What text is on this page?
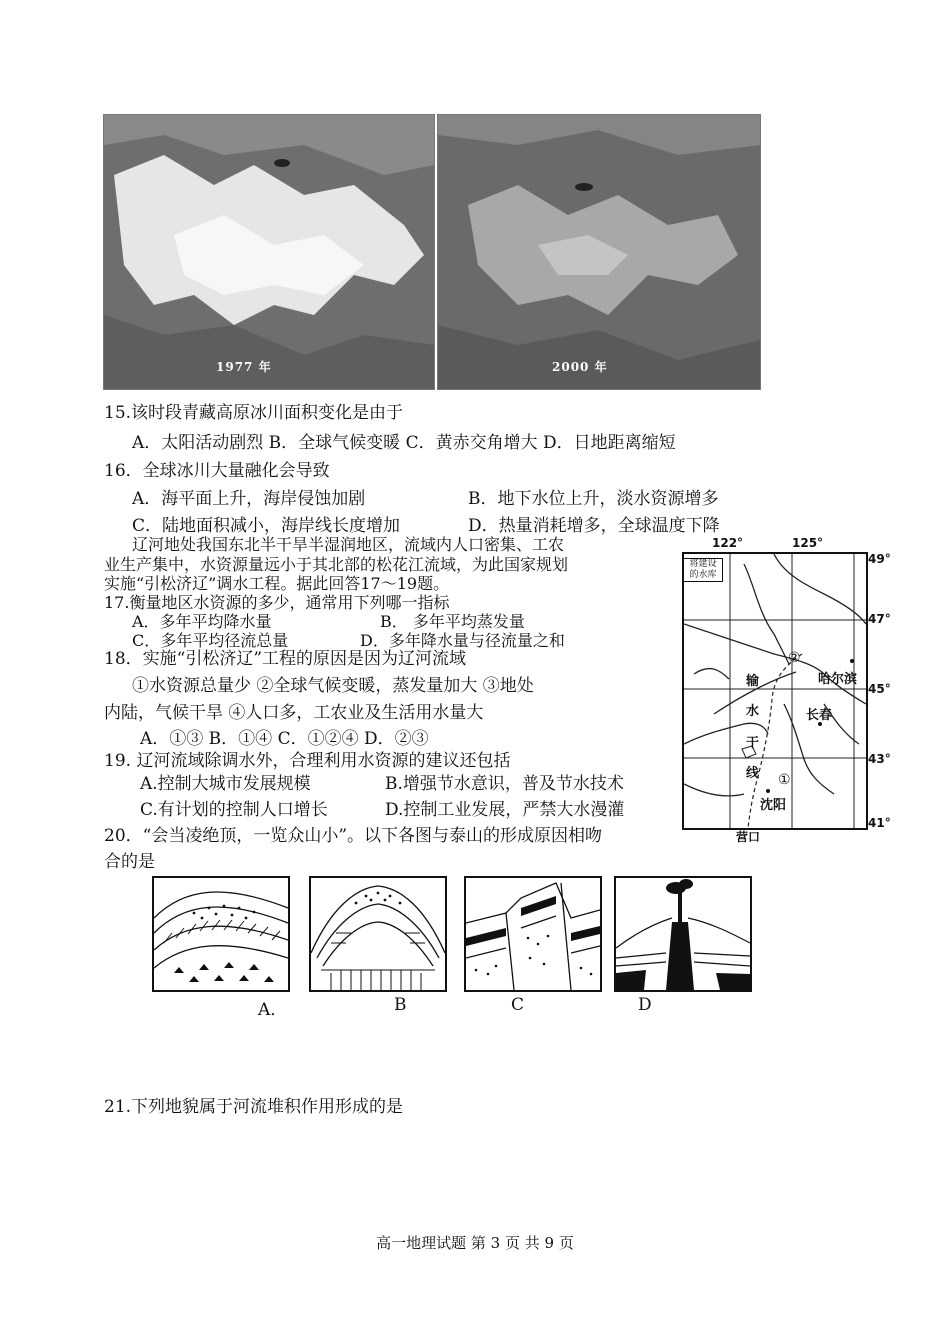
1977 年	2000 年
15.该时段青藏高原冰川面积变化是由于
A．太阳活动剧烈 B．全球气候变暖 C．黄赤交角增大 D．日地距离缩短
16．全球冰川大量融化会导致
A．海平面上升，海岸侵蚀加剧	B．地下水位上升，淡水资源增多
C．陆地面积减小，海岸线长度增加	D．热量消耗增多，全球温度下降
辽河地处我国东北半干旱半湿润地区，流域内人口密集、工农
业生产集中，水资源量远小于其北部的松花江流域，为此国家规划
实施“引松济辽”调水工程。据此回答17～19题。
17.衡量地区水资源的多少，通常用下列哪一指标
A．多年平均降水量	B． 多年平均蒸发量
C．多年平均径流总量	D．多年降水量与径流量之和
18．实施“引松济辽”工程的原因是因为辽河流域
①水资源总量少 ②全球气候变暖，蒸发量加大 ③地处
内陆，气候干旱 ④人口多，工农业及生活用水量大
A．①③ B．①④ C．①②④ D．②③
19. 辽河流域除调水外，合理利用水资源的建议还包括
A.控制大城市发展规模	B.增强节水意识，普及节水技术
C.有计划的控制人口增长	D.控制工业发展，严禁大水漫灌
20．“会当凌绝顶，一览众山小”。以下各图与泰山的形成原因相吻
合的是
122°	125°
49°
47°
45°
43°
41°
将建设
的水库
②
哈尔滨
长春
①
沈阳
营口
输
水
干
线
A．	B	C	D
21.下列地貌属于河流堆积作用形成的是
高一地理试题 第 3 页 共 9 页
